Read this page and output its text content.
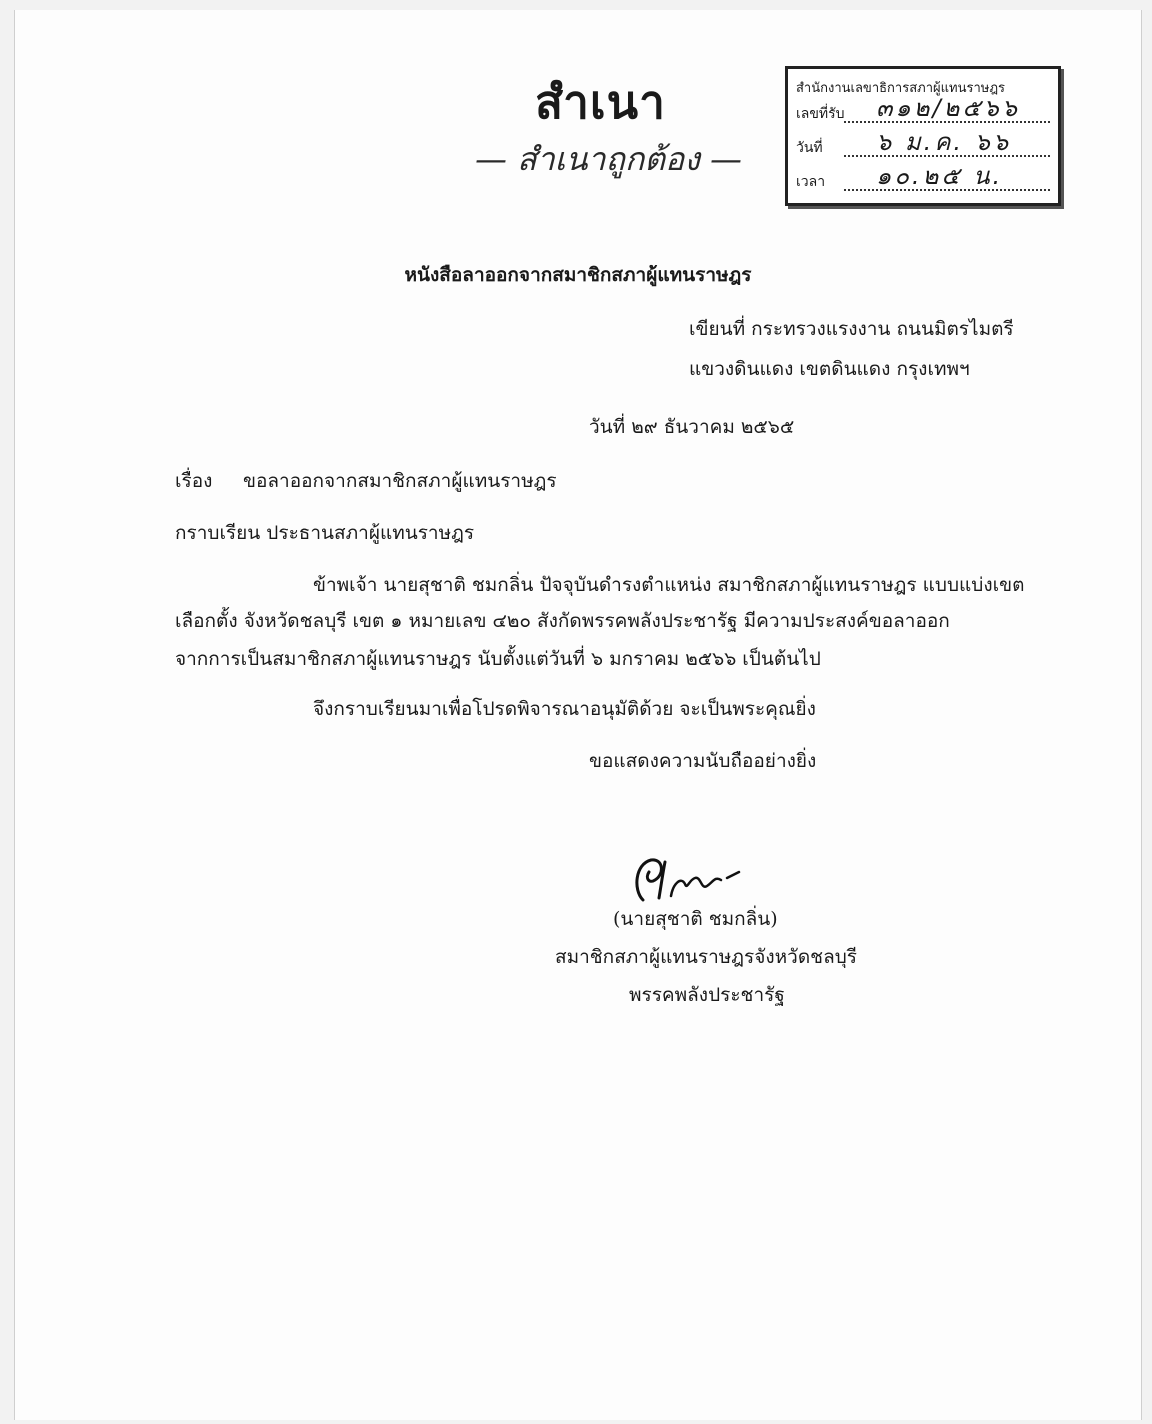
สำเนา
— สำเนาถูกต้อง —
สำนักงานเลขาธิการสภาผู้แทนราษฎร
เลขที่รับ ๓๑๒/๒๕๖๖
วันที่ ๖ ม.ค. ๖๖
เวลา ๑๐.๒๕ น.
หนังสือลาออกจากสมาชิกสภาผู้แทนราษฎร
เขียนที่ กระทรวงแรงงาน ถนนมิตรไมตรี
แขวงดินแดง เขตดินแดง กรุงเทพฯ
วันที่ ๒๙ ธันวาคม ๒๕๖๕
เรื่อง ขอลาออกจากสมาชิกสภาผู้แทนราษฎร
กราบเรียน ประธานสภาผู้แทนราษฎร
ข้าพเจ้า นายสุชาติ ชมกลิ่น ปัจจุบันดำรงตำแหน่ง สมาชิกสภาผู้แทนราษฎร แบบแบ่งเขต
เลือกตั้ง จังหวัดชลบุรี เขต ๑ หมายเลข ๔๒๐ สังกัดพรรคพลังประชารัฐ มีความประสงค์ขอลาออก
จากการเป็นสมาชิกสภาผู้แทนราษฎร นับตั้งแต่วันที่ ๖ มกราคม ๒๕๖๖ เป็นต้นไป
จึงกราบเรียนมาเพื่อโปรดพิจารณาอนุมัติด้วย จะเป็นพระคุณยิ่ง
ขอแสดงความนับถืออย่างยิ่ง
(นายสุชาติ ชมกลิ่น)
สมาชิกสภาผู้แทนราษฎรจังหวัดชลบุรี
พรรคพลังประชารัฐ
